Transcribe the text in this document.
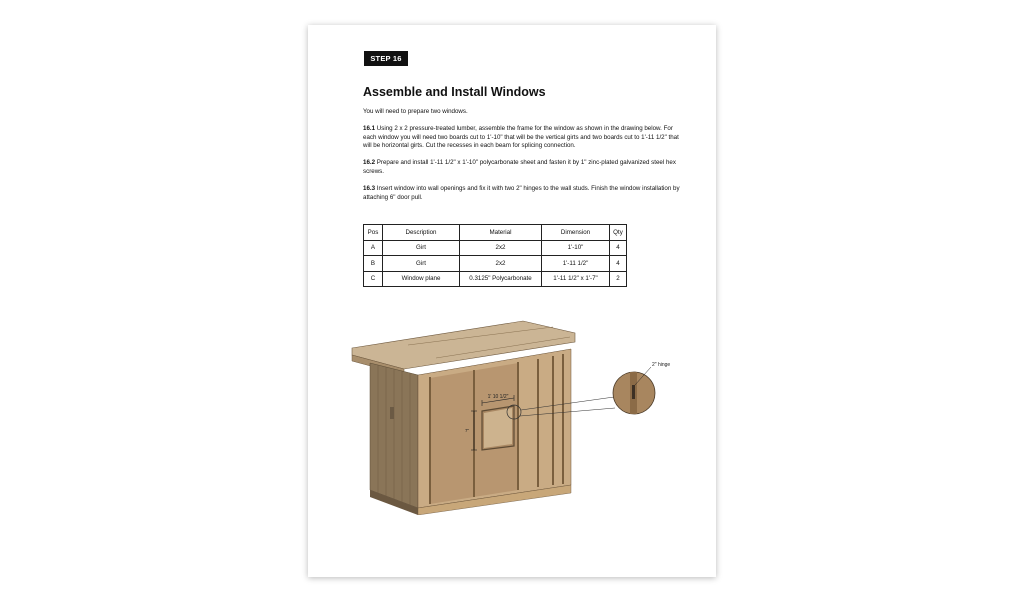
STEP 16
Assemble and Install Windows

You will need to prepare two windows.

16.1 Using 2 x 2 pressure-treated lumber, assemble the frame for the window as shown in the drawing below. For each window you will need two boards cut to 1'-10" that will be the vertical girts and two boards cut to 1'-11 1/2" that will be horizontal girts. Cut the recesses in each beam for splicing connection.

16.2 Prepare and install 1'-11 1/2" x 1'-10" polycarbonate sheet and fasten it by 1" zinc-plated galvanized steel hex screws.

16.3 Insert window into wall openings and fix it with two 2" hinges to the wall studs. Finish the window installation by attaching 6" door pull.

Pos	Description	Material	Dimension	Qty
A	Girt	2x2	1'-10"	4
B	Girt	2x2	1'-11 1/2"	4
C	Window plane	0.3125" Polycarbonate	1'-11 1/2" x 1'-7"	2
1' 10 1/2"
7"
2" hinge
